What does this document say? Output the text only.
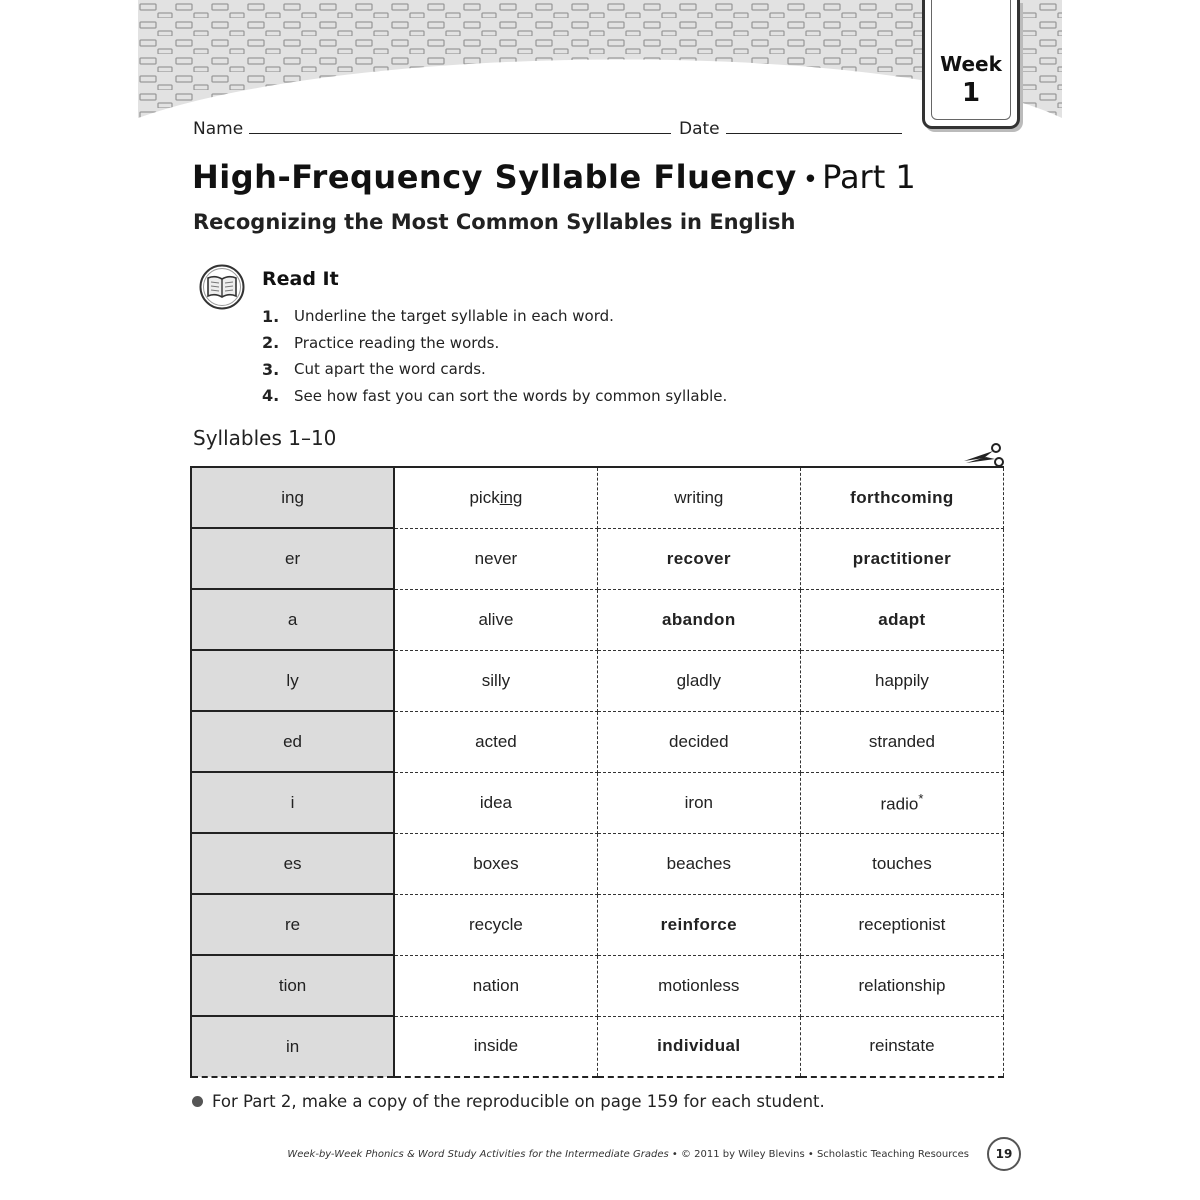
Week
1
Name	Date
High-Frequency Syllable Fluency • Part 1
Recognizing the Most Common Syllables in English
Read It
1. Underline the target syllable in each word.
2. Practice reading the words.
3. Cut apart the word cards.
4. See how fast you can sort the words by common syllable.
Syllables 1–10
ing	picking	writing	forthcoming
er	never	recover	practitioner
a	alive	abandon	adapt
ly	silly	gladly	happily
ed	acted	decided	stranded
i	idea	iron	radio*
es	boxes	beaches	touches
re	recycle	reinforce	receptionist
tion	nation	motionless	relationship
in	inside	individual	reinstate
For Part 2, make a copy of the reproducible on page 159 for each student.
Week-by-Week Phonics & Word Study Activities for the Intermediate Grades • © 2011 by Wiley Blevins • Scholastic Teaching Resources	19
